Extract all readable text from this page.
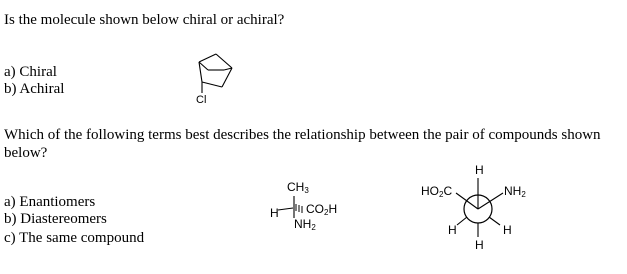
Is the molecule shown below chiral or achiral?
a) Chiral
b) Achiral
Cl
Which of the following terms best describes the relationship between the pair of compounds shown below?
a) Enantiomers
b) Diastereomers
c) The same compound
$CH_3$
H $CO_2H$
$NH_2$
H
$HO_2C$	$NH_2$
H	H
H
